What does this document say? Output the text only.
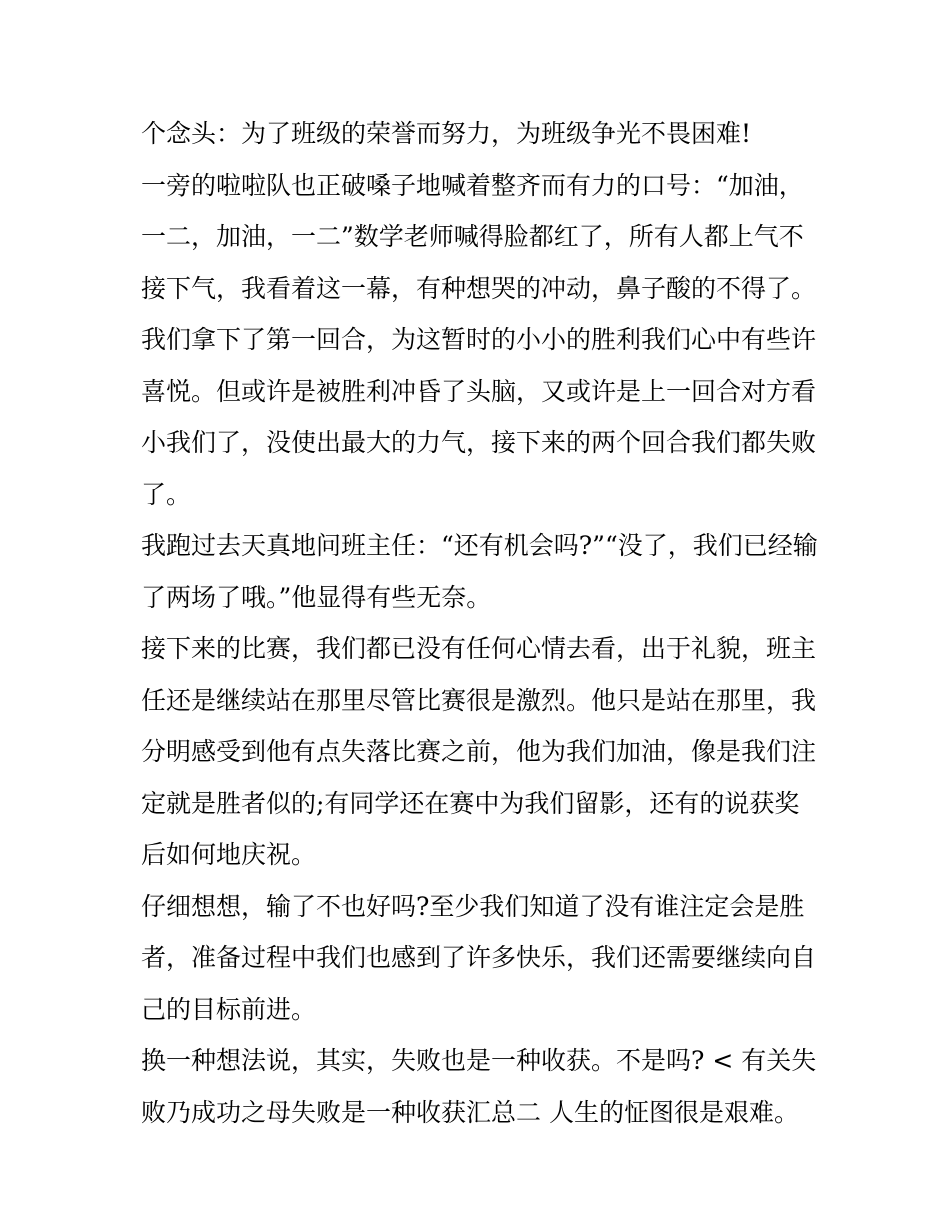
个念头：为了班级的荣誉而努力，为班级争光不畏困难!
一旁的啦啦队也正破嗓子地喊着整齐而有力的口号：“加油，
一二，加油，一二”数学老师喊得脸都红了，所有人都上气不
接下气，我看着这一幕，有种想哭的冲动，鼻子酸的不得了。
我们拿下了第一回合，为这暂时的小小的胜利我们心中有些许
喜悦。但或许是被胜利冲昏了头脑，又或许是上一回合对方看
小我们了，没使出最大的力气，接下来的两个回合我们都失败
了。
我跑过去天真地问班主任：“还有机会吗?”“没了，我们已经输
了两场了哦。”他显得有些无奈。
接下来的比赛，我们都已没有任何心情去看，出于礼貌，班主
任还是继续站在那里尽管比赛很是激烈。他只是站在那里，我
分明感受到他有点失落比赛之前，他为我们加油，像是我们注
定就是胜者似的;有同学还在赛中为我们留影，还有的说获奖
后如何地庆祝。
仔细想想，输了不也好吗?至少我们知道了没有谁注定会是胜
者，准备过程中我们也感到了许多快乐，我们还需要继续向自
己的目标前进。
换一种想法说，其实，失败也是一种收获。不是吗? < 有关失
败乃成功之母失败是一种收获汇总二 人生的怔图很是艰难。
